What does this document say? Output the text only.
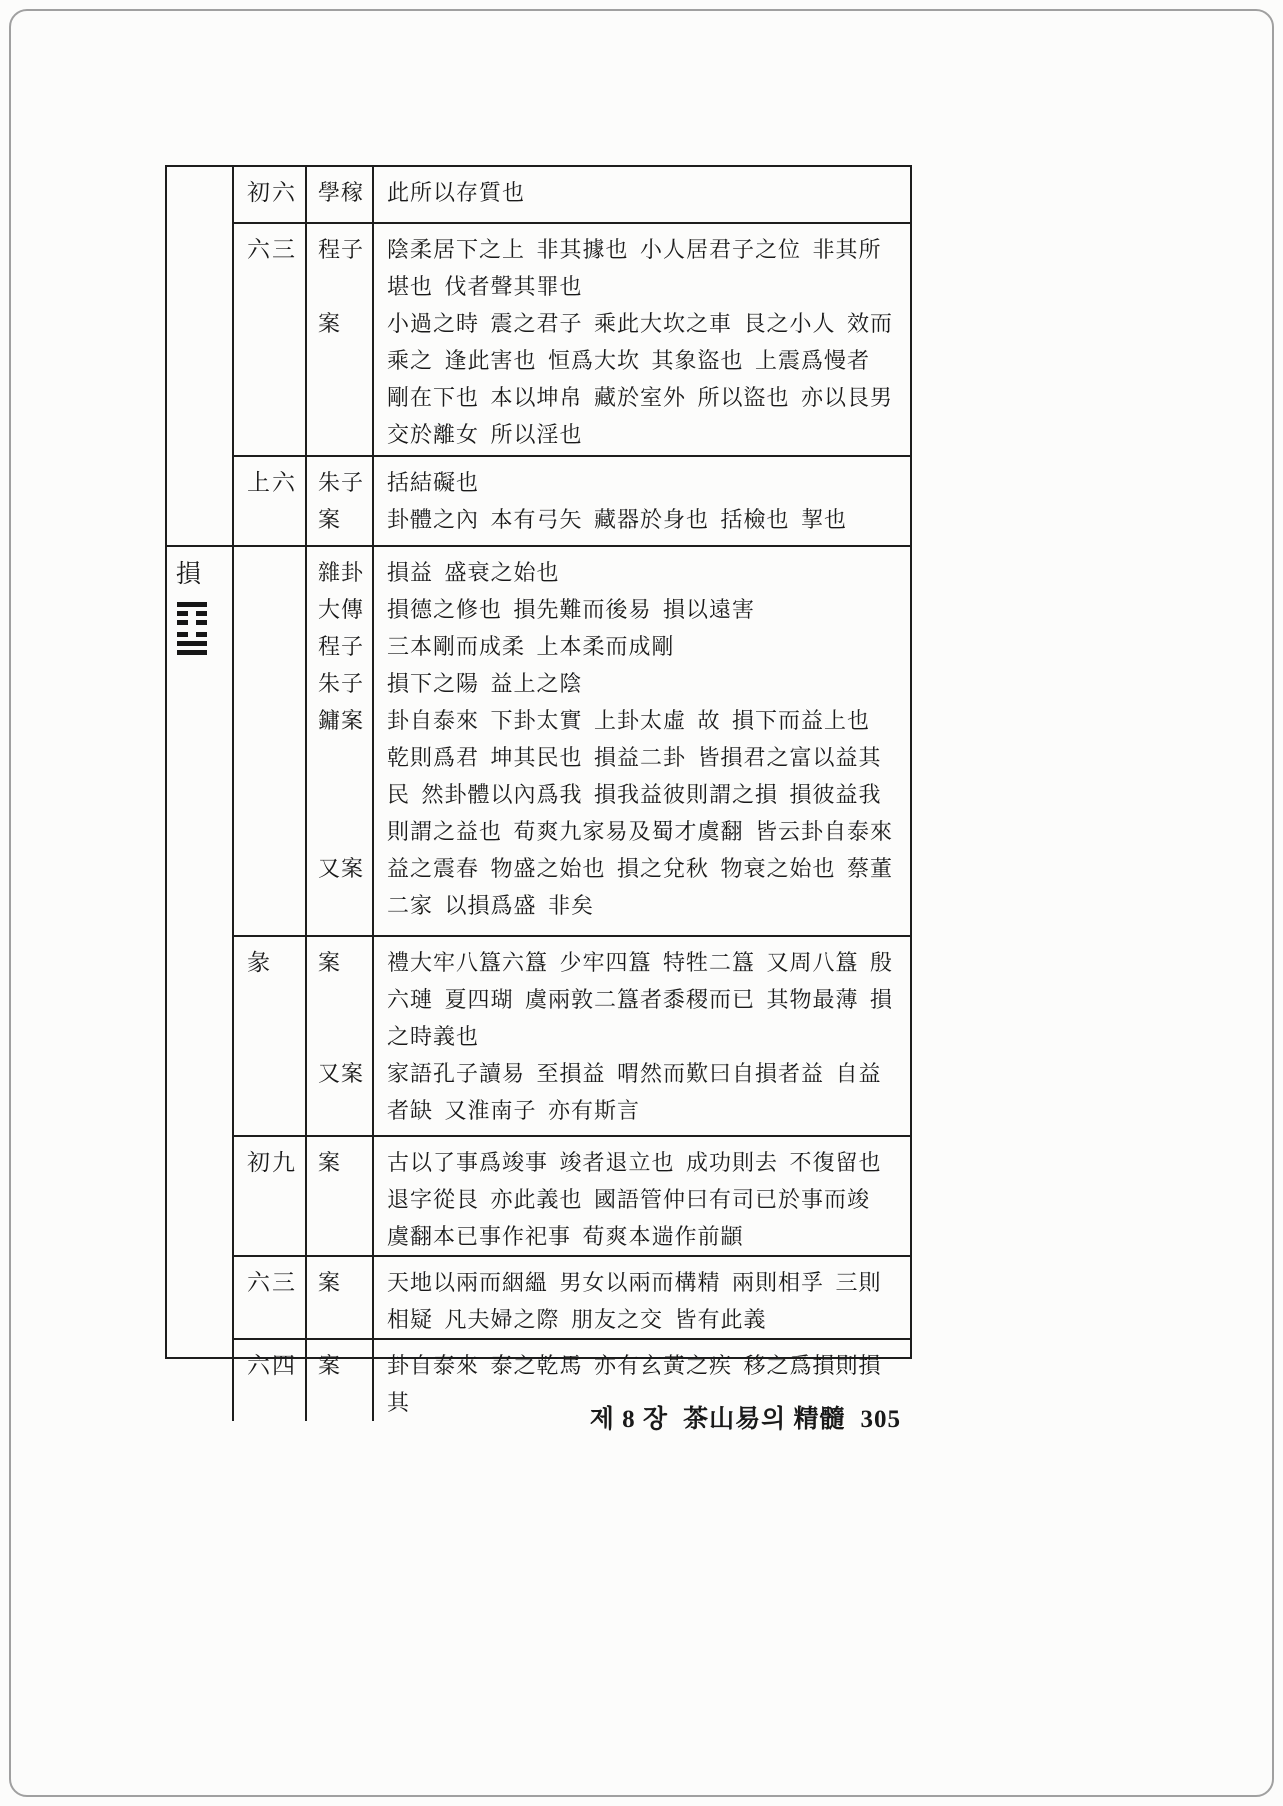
初六 學稼	此所以存質也
六三 程子	陰柔居下之上 非其據也 小人居君子之位 非其所堪也 伐者聲其罪也
案	小過之時 震之君子 乘此大坎之車 艮之小人 效而乘之 逢此害也 恒爲大坎 其象盜也 上震爲慢者 剛在下也 本以坤帛 藏於室外 所以盜也 亦以艮男交於離女 所以淫也
上六 朱子	括結礙也
案	卦體之內 本有弓矢 藏器於身也 括檢也 挈也
損	雜卦	損益 盛衰之始也
大傳	損德之修也 損先難而後易 損以遠害
程子	三本剛而成柔 上本柔而成剛
朱子	損下之陽 益上之陰
鏞案	卦自泰來 下卦太實 上卦太虛 故 損下而益上也 乾則爲君 坤其民也 損益二卦 皆損君之富以益其民 然卦體以內爲我 損我益彼則謂之損 損彼益我則謂之益也 荀爽九家易及蜀才虞翻 皆云卦自泰來
又案	益之震春 物盛之始也 損之兌秋 物衰之始也 蔡董二家 以損爲盛 非矣
彖	案	禮大牢八簋六簋 少牢四簋 特牲二簋 又周八簋 殷六璉 夏四瑚 虞兩敦二簋者黍稷而已 其物最薄 損之時義也
又案	家語孔子讀易 至損益 喟然而歎曰自損者益 自益者缺 又淮南子 亦有斯言
初九 案	古以了事爲竣事 竣者退立也 成功則去 不復留也 退字從艮 亦此義也 國語管仲曰有司已於事而竣 虞翻本已事作祀事 荀爽本遄作前顓
六三 案	天地以兩而絪縕 男女以兩而構精 兩則相孚 三則相疑 凡夫婦之際 朋友之交 皆有此義
六四 案	卦自泰來 泰之乾馬 亦有玄黃之疾 移之爲損則損其
제 8 장 茶山易의 精髓 305
